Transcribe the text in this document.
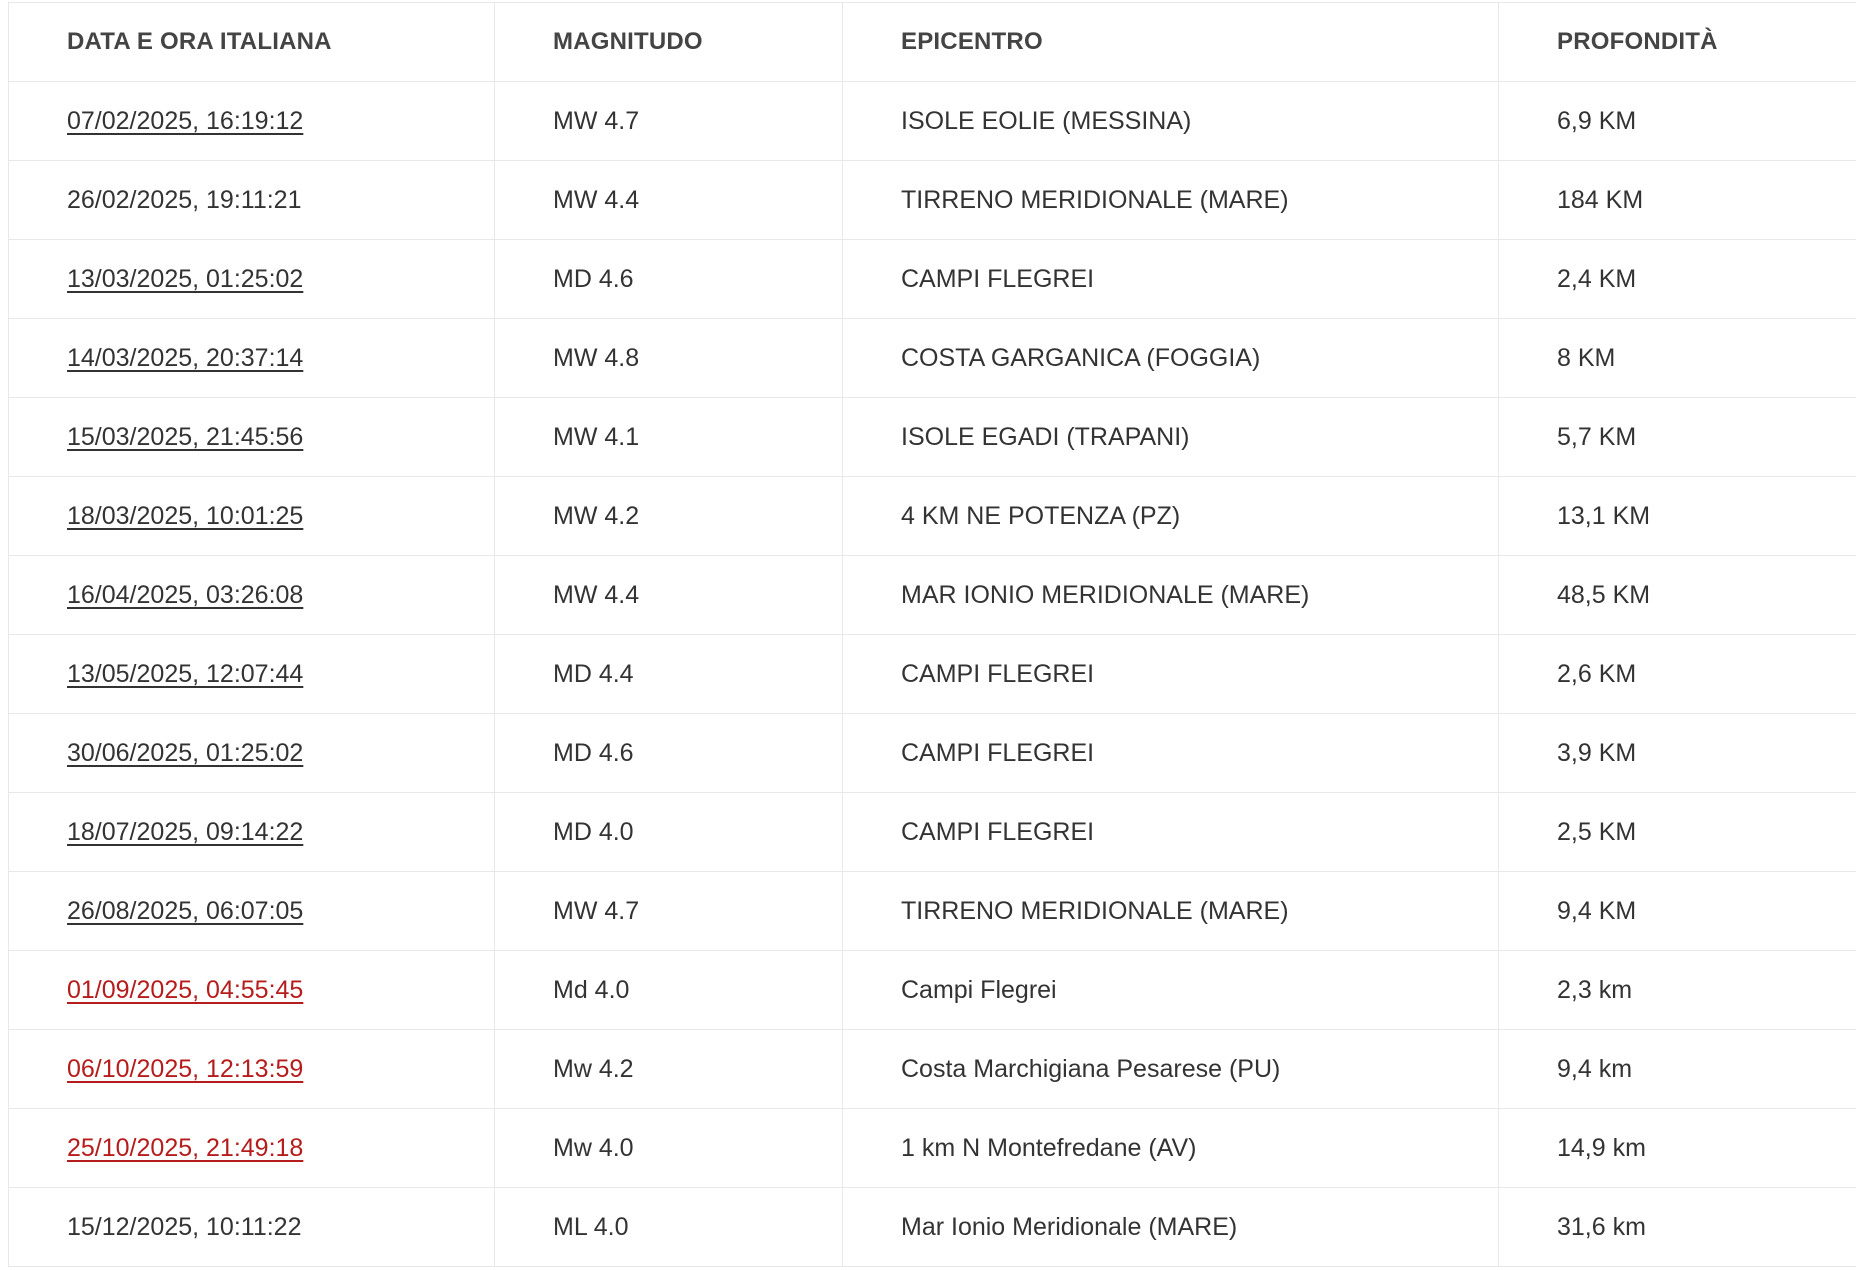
DATA E ORA ITALIANA	MAGNITUDO	EPICENTRO	PROFONDITÀ
07/02/2025, 16:19:12	MW 4.7	ISOLE EOLIE (MESSINA)	6,9 KM
26/02/2025, 19:11:21	MW 4.4	TIRRENO MERIDIONALE (MARE)	184 KM
13/03/2025, 01:25:02	MD 4.6	CAMPI FLEGREI	2,4 KM
14/03/2025, 20:37:14	MW 4.8	COSTA GARGANICA (FOGGIA)	8 KM
15/03/2025, 21:45:56	MW 4.1	ISOLE EGADI (TRAPANI)	5,7 KM
18/03/2025, 10:01:25	MW 4.2	4 KM NE POTENZA (PZ)	13,1 KM
16/04/2025, 03:26:08	MW 4.4	MAR IONIO MERIDIONALE (MARE)	48,5 KM
13/05/2025, 12:07:44	MD 4.4	CAMPI FLEGREI	2,6 KM
30/06/2025, 01:25:02	MD 4.6	CAMPI FLEGREI	3,9 KM
18/07/2025, 09:14:22	MD 4.0	CAMPI FLEGREI	2,5 KM
26/08/2025, 06:07:05	MW 4.7	TIRRENO MERIDIONALE (MARE)	9,4 KM
01/09/2025, 04:55:45	Md 4.0	Campi Flegrei	2,3 km
06/10/2025, 12:13:59	Mw 4.2	Costa Marchigiana Pesarese (PU)	9,4 km
25/10/2025, 21:49:18	Mw 4.0	1 km N Montefredane (AV)	14,9 km
15/12/2025, 10:11:22	ML 4.0	Mar Ionio Meridionale (MARE)	31,6 km
